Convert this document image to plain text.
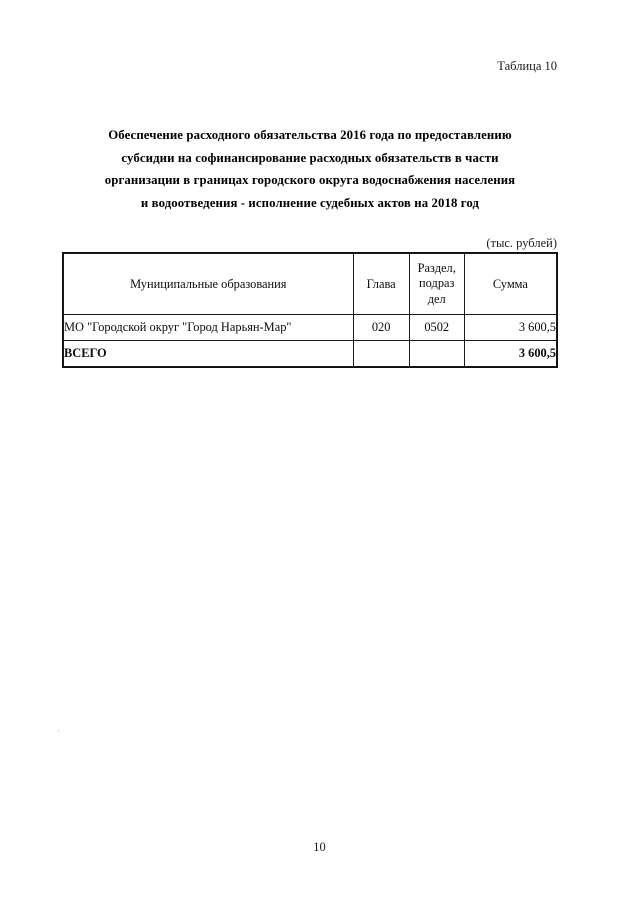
Таблица 10
Обеспечение расходного обязательства 2016 года по предоставлению
субсидии на софинансирование расходных обязательств в части
организации в границах городского округа водоснабжения населения
и водоотведения - исполнение судебных актов на 2018 год
(тыс. рублей)
Муниципальные образования	Глава	Раздел,
подраз
дел	Сумма
МО "Городской округ "Город Нарьян-Мар"	020	0502	3 600,5
ВСЕГО			3 600,5
10
